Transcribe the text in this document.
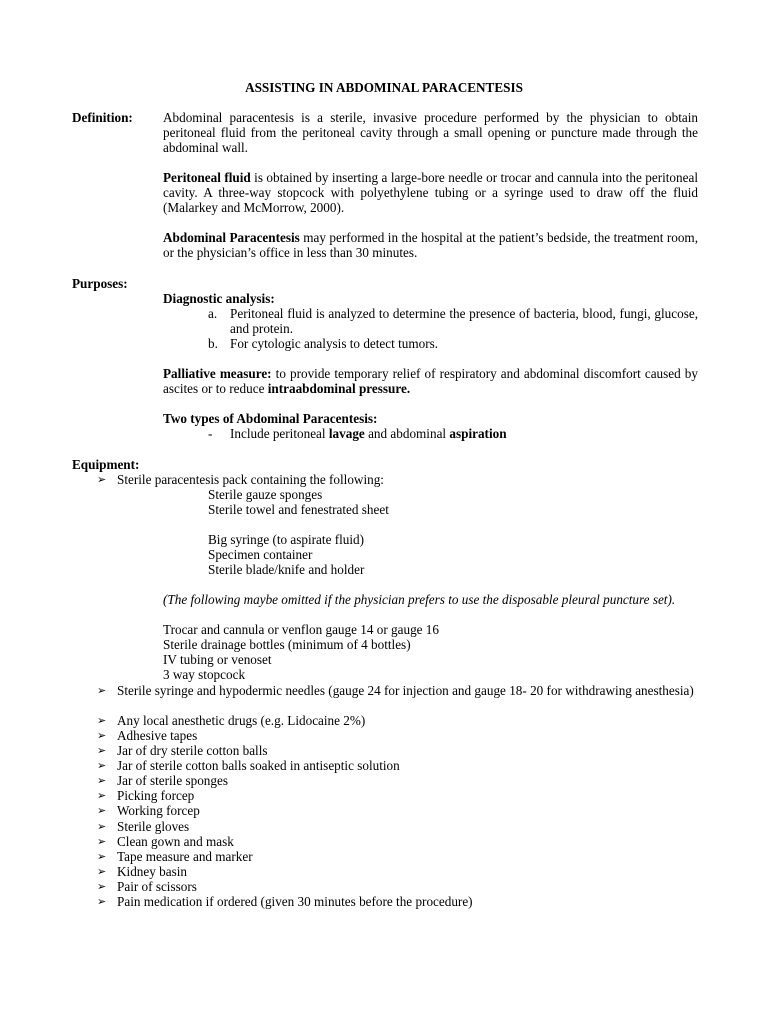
ASSISTING IN ABDOMINAL PARACENTESIS
Definition: Abdominal paracentesis is a sterile, invasive procedure performed by the physician to obtain peritoneal fluid from the peritoneal cavity through a small opening or puncture made through the abdominal wall.
Peritoneal fluid is obtained by inserting a large-bore needle or trocar and cannula into the peritoneal cavity. A three-way stopcock with polyethylene tubing or a syringe used to draw off the fluid (Malarkey and McMorrow, 2000).
Abdominal Paracentesis may performed in the hospital at the patient’s bedside, the treatment room, or the physician’s office in less than 30 minutes.
Purposes:
Diagnostic analysis:
a. Peritoneal fluid is analyzed to determine the presence of bacteria, blood, fungi, glucose, and protein.
b. For cytologic analysis to detect tumors.
Palliative measure: to provide temporary relief of respiratory and abdominal discomfort caused by ascites or to reduce intraabdominal pressure.
Two types of Abdominal Paracentesis:
- Include peritoneal lavage and abdominal aspiration
Equipment:
➢ Sterile paracentesis pack containing the following:
Sterile gauze sponges
Sterile towel and fenestrated sheet
Big syringe (to aspirate fluid)
Specimen container
Sterile blade/knife and holder
(The following maybe omitted if the physician prefers to use the disposable pleural puncture set).
Trocar and cannula or venflon gauge 14 or gauge 16
Sterile drainage bottles (minimum of 4 bottles)
IV tubing or venoset
3 way stopcock
➢ Sterile syringe and hypodermic needles (gauge 24 for injection and gauge 18- 20 for withdrawing anesthesia)
➢ Any local anesthetic drugs (e.g. Lidocaine 2%)
➢ Adhesive tapes
➢ Jar of dry sterile cotton balls
➢ Jar of sterile cotton balls soaked in antiseptic solution
➢ Jar of sterile sponges
➢ Picking forcep
➢ Working forcep
➢ Sterile gloves
➢ Clean gown and mask
➢ Tape measure and marker
➢ Kidney basin
➢ Pair of scissors
➢ Pain medication if ordered (given 30 minutes before the procedure)
